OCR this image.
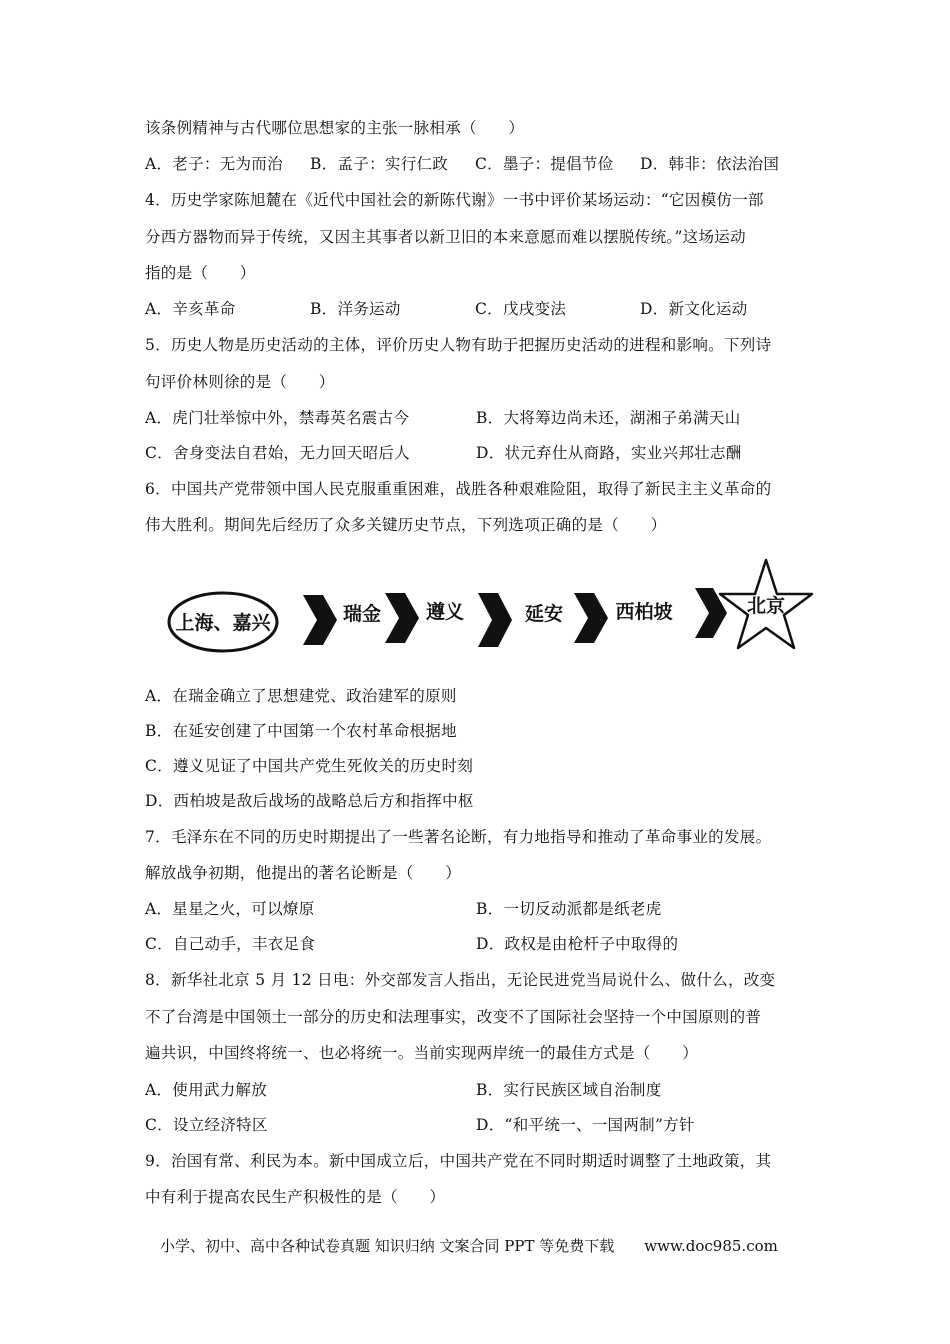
该条例精神与古代哪位思想家的主张一脉相承（　　）
A．老子：无为而治 B．孟子：实行仁政 C．墨子：提倡节俭 D．韩非：依法治国
4．历史学家陈旭麓在《近代中国社会的新陈代谢》一书中评价某场运动：“它因模仿一部
分西方器物而异于传统，又因主其事者以新卫旧的本来意愿而难以摆脱传统。”这场运动
指的是（　　）
A．辛亥革命	B．洋务运动	C．戊戌变法	D．新文化运动
5．历史人物是历史活动的主体，评价历史人物有助于把握历史活动的进程和影响。下列诗
句评价林则徐的是（　　）
A．虎门壮举惊中外，禁毒英名震古今	B．大将筹边尚未还，湖湘子弟满天山
C．舍身变法自君始，无力回天昭后人	D．状元弃仕从商路，实业兴邦壮志酬
6．中国共产党带领中国人民克服重重困难，战胜各种艰难险阻，取得了新民主主义革命的
伟大胜利。期间先后经历了众多关键历史节点，下列选项正确的是（　　）
上海、嘉兴	瑞金 遵义	延安	西柏坡	北京
A．在瑞金确立了思想建党、政治建军的原则
B．在延安创建了中国第一个农村革命根据地
C．遵义见证了中国共产党生死攸关的历史时刻
D．西柏坡是敌后战场的战略总后方和指挥中枢
7．毛泽东在不同的历史时期提出了一些著名论断，有力地指导和推动了革命事业的发展。
解放战争初期，他提出的著名论断是（　　）
A．星星之火，可以燎原	B．一切反动派都是纸老虎
C．自己动手，丰衣足食	D．政权是由枪杆子中取得的
8．新华社北京 5 月 12 日电：外交部发言人指出，无论民进党当局说什么、做什么，改变
不了台湾是中国领土一部分的历史和法理事实，改变不了国际社会坚持一个中国原则的普
遍共识，中国终将统一、也必将统一。当前实现两岸统一的最佳方式是（　　）
A．使用武力解放	B．实行民族区域自治制度
C．设立经济特区	D．“和平统一、一国两制”方针
9．治国有常、利民为本。新中国成立后，中国共产党在不同时期适时调整了土地政策，其
中有利于提高农民生产积极性的是（　　）
小学、初中、高中各种试卷真题 知识归纳 文案合同 PPT 等免费下载　　www.doc985.com
